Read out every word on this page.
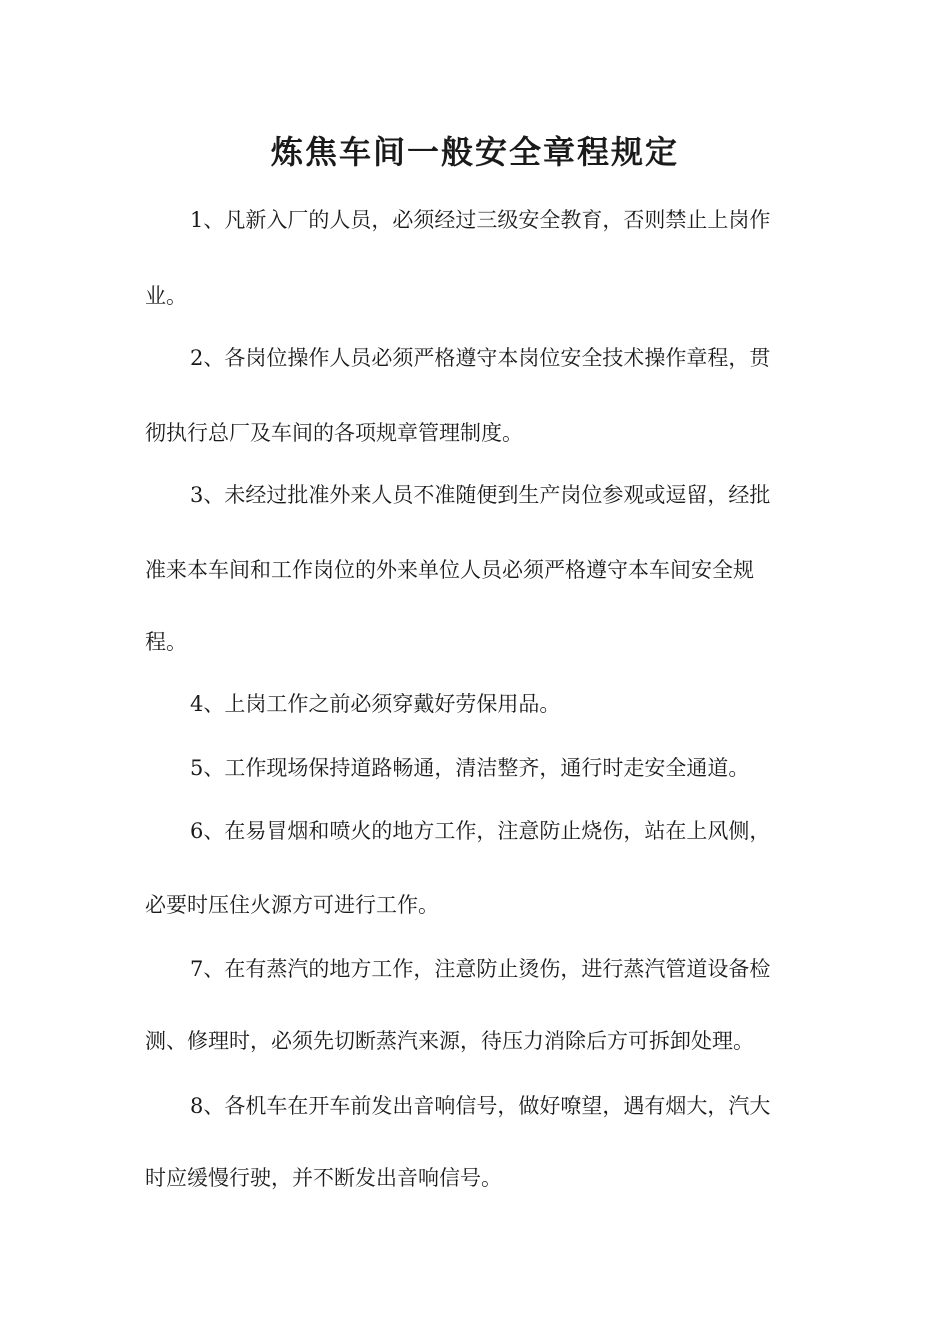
炼焦车间一般安全章程规定

1、凡新入厂的人员，必须经过三级安全教育，否则禁止上岗作

业。

2、各岗位操作人员必须严格遵守本岗位安全技术操作章程，贯

彻执行总厂及车间的各项规章管理制度。

3、未经过批准外来人员不准随便到生产岗位参观或逗留，经批

准来本车间和工作岗位的外来单位人员必须严格遵守本车间安全规

程。

4、上岗工作之前必须穿戴好劳保用品。

5、工作现场保持道路畅通，清洁整齐，通行时走安全通道。

6、在易冒烟和喷火的地方工作，注意防止烧伤，站在上风侧，

必要时压住火源方可进行工作。

7、在有蒸汽的地方工作，注意防止烫伤，进行蒸汽管道设备检

测、修理时，必须先切断蒸汽来源，待压力消除后方可拆卸处理。

8、各机车在开车前发出音响信号，做好嘹望，遇有烟大，汽大

时应缓慢行驶，并不断发出音响信号。
